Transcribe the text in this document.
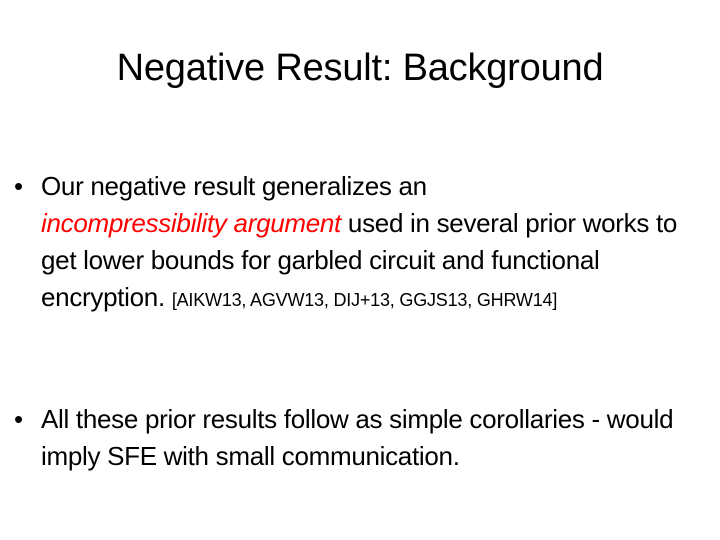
Negative Result: Background
• Our negative result generalizes an
incompressibility argument used in several prior works to get lower bounds for garbled circuit and functional encryption. [AIKW13, AGVW13, DIJ+13, GGJS13, GHRW14]
• All these prior results follow as simple corollaries - would imply SFE with small communication.
